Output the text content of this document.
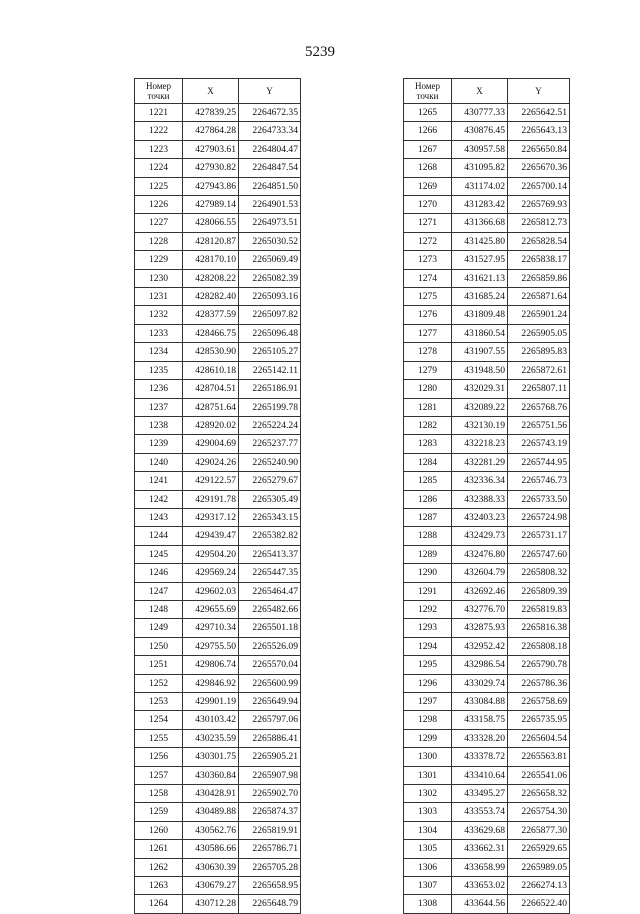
5239
Номер
точки	X	Y
1221	427839.25	2264672.35
1222	427864.28	2264733.34
1223	427903.61	2264804.47
1224	427930.82	2264847.54
1225	427943.86	2264851.50
1226	427989.14	2264901.53
1227	428066.55	2264973.51
1228	428120.87	2265030.52
1229	428170.10	2265069.49
1230	428208.22	2265082.39
1231	428282.40	2265093.16
1232	428377.59	2265097.82
1233	428466.75	2265096.48
1234	428530.90	2265105.27
1235	428610.18	2265142.11
1236	428704.51	2265186.91
1237	428751.64	2265199.78
1238	428920.02	2265224.24
1239	429004.69	2265237.77
1240	429024.26	2265240.90
1241	429122.57	2265279.67
1242	429191.78	2265305.49
1243	429317.12	2265343.15
1244	429439.47	2265382.82
1245	429504.20	2265413.37
1246	429569.24	2265447.35
1247	429602.03	2265464.47
1248	429655.69	2265482.66
1249	429710.34	2265501.18
1250	429755.50	2265526.09
1251	429806.74	2265570.04
1252	429846.92	2265600.99
1253	429901.19	2265649.94
1254	430103.42	2265797.06
1255	430235.59	2265886.41
1256	430301.75	2265905.21
1257	430360.84	2265907.98
1258	430428.91	2265902.70
1259	430489.88	2265874.37
1260	430562.76	2265819.91
1261	430586.66	2265786.71
1262	430630.39	2265705.28
1263	430679.27	2265658.95
1264	430712.28	2265648.79
Номер
точки	X	Y
1265	430777.33	2265642.51
1266	430876.45	2265643.13
1267	430957.58	2265650.84
1268	431095.82	2265670.36
1269	431174.02	2265700.14
1270	431283.42	2265769.93
1271	431366.68	2265812.73
1272	431425.80	2265828.54
1273	431527.95	2265838.17
1274	431621.13	2265859.86
1275	431685.24	2265871.64
1276	431809.48	2265901.24
1277	431860.54	2265905.05
1278	431907.55	2265895.83
1279	431948.50	2265872.61
1280	432029.31	2265807.11
1281	432089.22	2265768.76
1282	432130.19	2265751.56
1283	432218.23	2265743.19
1284	432281.29	2265744.95
1285	432336.34	2265746.73
1286	432388.33	2265733.50
1287	432403.23	2265724.98
1288	432429.73	2265731.17
1289	432476.80	2265747.60
1290	432604.79	2265808.32
1291	432692.46	2265809.39
1292	432776.70	2265819.83
1293	432875.93	2265816.38
1294	432952.42	2265808.18
1295	432986.54	2265790.78
1296	433029.74	2265786.36
1297	433084.88	2265758.69
1298	433158.75	2265735.95
1299	433328.20	2265604.54
1300	433378.72	2265563.81
1301	433410.64	2265541.06
1302	433495.27	2265658.32
1303	433553.74	2265754.30
1304	433629.68	2265877.30
1305	433662.31	2265929.65
1306	433658.99	2265989.05
1307	433653.02	2266274.13
1308	433644.56	2266522.40
